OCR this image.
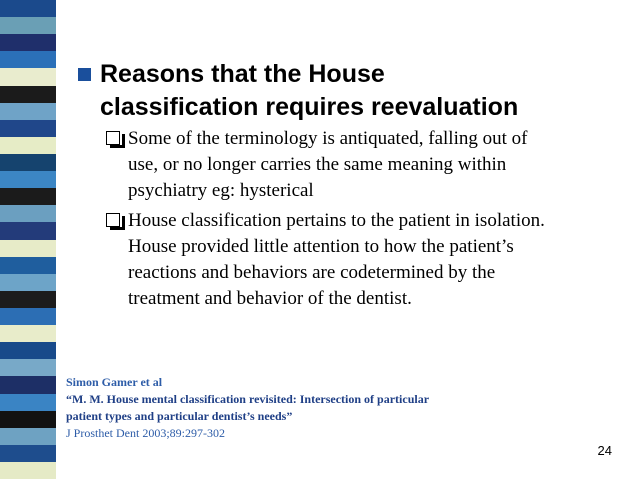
Reasons that the House
classification requires reevaluation
Some of the terminology is antiquated, falling out of
use, or no longer carries the same meaning within
psychiatry eg: hysterical
House classification pertains to the patient in isolation.
House provided little attention to how the patient’s
reactions and behaviors are codetermined by the
treatment and behavior of the dentist.
Simon Gamer et al
“M. M. House mental classification revisited: Intersection of particular
patient types and particular dentist’s needs”
J Prosthet Dent 2003;89:297-302
24
